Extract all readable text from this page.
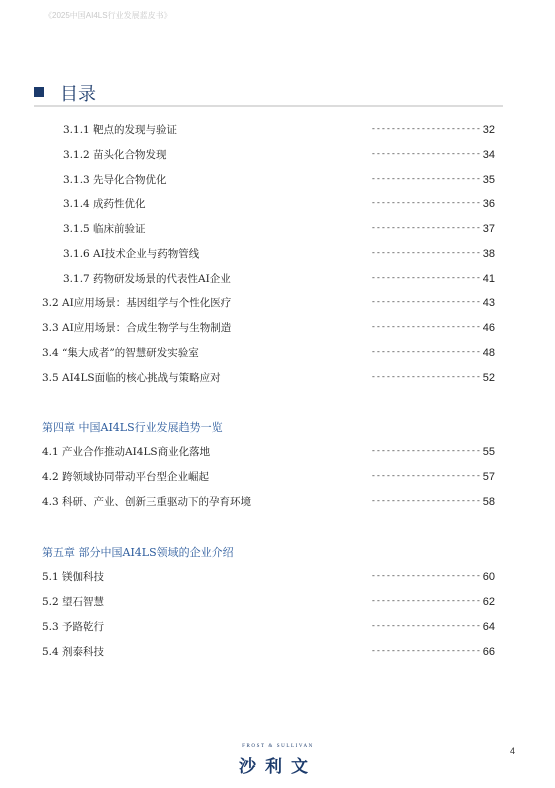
《2025中国AI4LS行业发展蓝皮书》
目录
3.1.1 靶点的发现与验证	---------------------- 32
3.1.2 苗头化合物发现	---------------------- 34
3.1.3 先导化合物优化	---------------------- 35
3.1.4 成药性优化	---------------------- 36
3.1.5 临床前验证	---------------------- 37
3.1.6 AI技术企业与药物管线	---------------------- 38
3.1.7 药物研发场景的代表性AI企业	---------------------- 41
3.2 AI应用场景：基因组学与个性化医疗	---------------------- 43
3.3 AI应用场景：合成生物学与生物制造	---------------------- 46
3.4 “集大成者”的智慧研发实验室	---------------------- 48
3.5 AI4LS面临的核心挑战与策略应对	---------------------- 52
第四章 中国AI4LS行业发展趋势一览
4.1 产业合作推动AI4LS商业化落地	---------------------- 55
4.2 跨领域协同带动平台型企业崛起	---------------------- 57
4.3 科研、产业、创新三重驱动下的孕育环境	---------------------- 58
第五章 部分中国AI4LS领域的企业介绍
5.1 镁伽科技	---------------------- 60
5.2 望石智慧	---------------------- 62
5.3 予路乾行	---------------------- 64
5.4 剂泰科技	---------------------- 66
FROST & SULLIVAN
沙利文
4
